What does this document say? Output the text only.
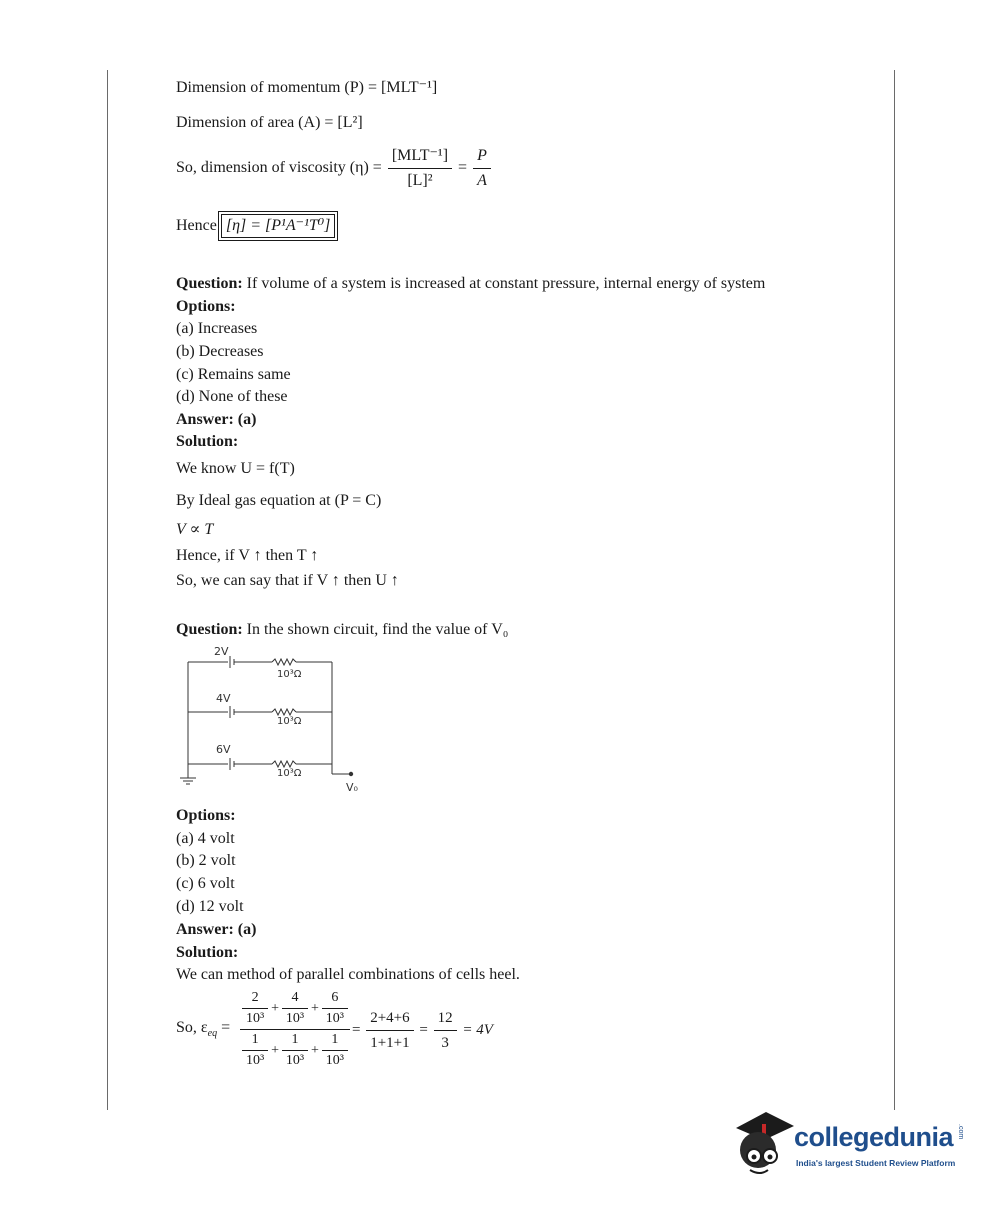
Dimension of momentum (P) = [MLT⁻¹]
Dimension of area (A) = [L²]
So, dimension of viscosity $(\eta) = \frac{\text{[MLT⁻¹]}}{\text{[L]²}} = \frac{P}{A}$
Hence [η] = [P¹A⁻¹T⁰]
Question: If volume of a system is increased at constant pressure, internal energy of system
Options:
(a) Increases
(b) Decreases
(c) Remains same
(d) None of these
Answer: (a)
Solution:
We know U = f(T)
By Ideal gas equation at (P = C)
V ∝ T
Hence, if V ↑ then T ↑
So, we can say that if V ↑ then U ↑
Question: In the shown circuit, find the value of V₀
2V
10³Ω
4V
10³Ω
6V
10³Ω
V₀
Options:
(a) 4 volt
(b) 2 volt
(c) 6 volt
(d) 12 volt
Answer: (a)
Solution:
We can method of parallel combinations of cells heel.
So, $\varepsilon_{eq}$ =
$\frac{2}{\text{10³}} + \frac{4}{\text{10³}} + \frac{6}{\text{10³}}$
$\frac{1}{\text{10³}} + \frac{1}{\text{10³}} + \frac{1}{\text{10³}}$
= $\frac{2+4+6}{1+1+1} = \frac{12}{3} = 4V$
collegedunia .com
India's largest Student Review Platform
